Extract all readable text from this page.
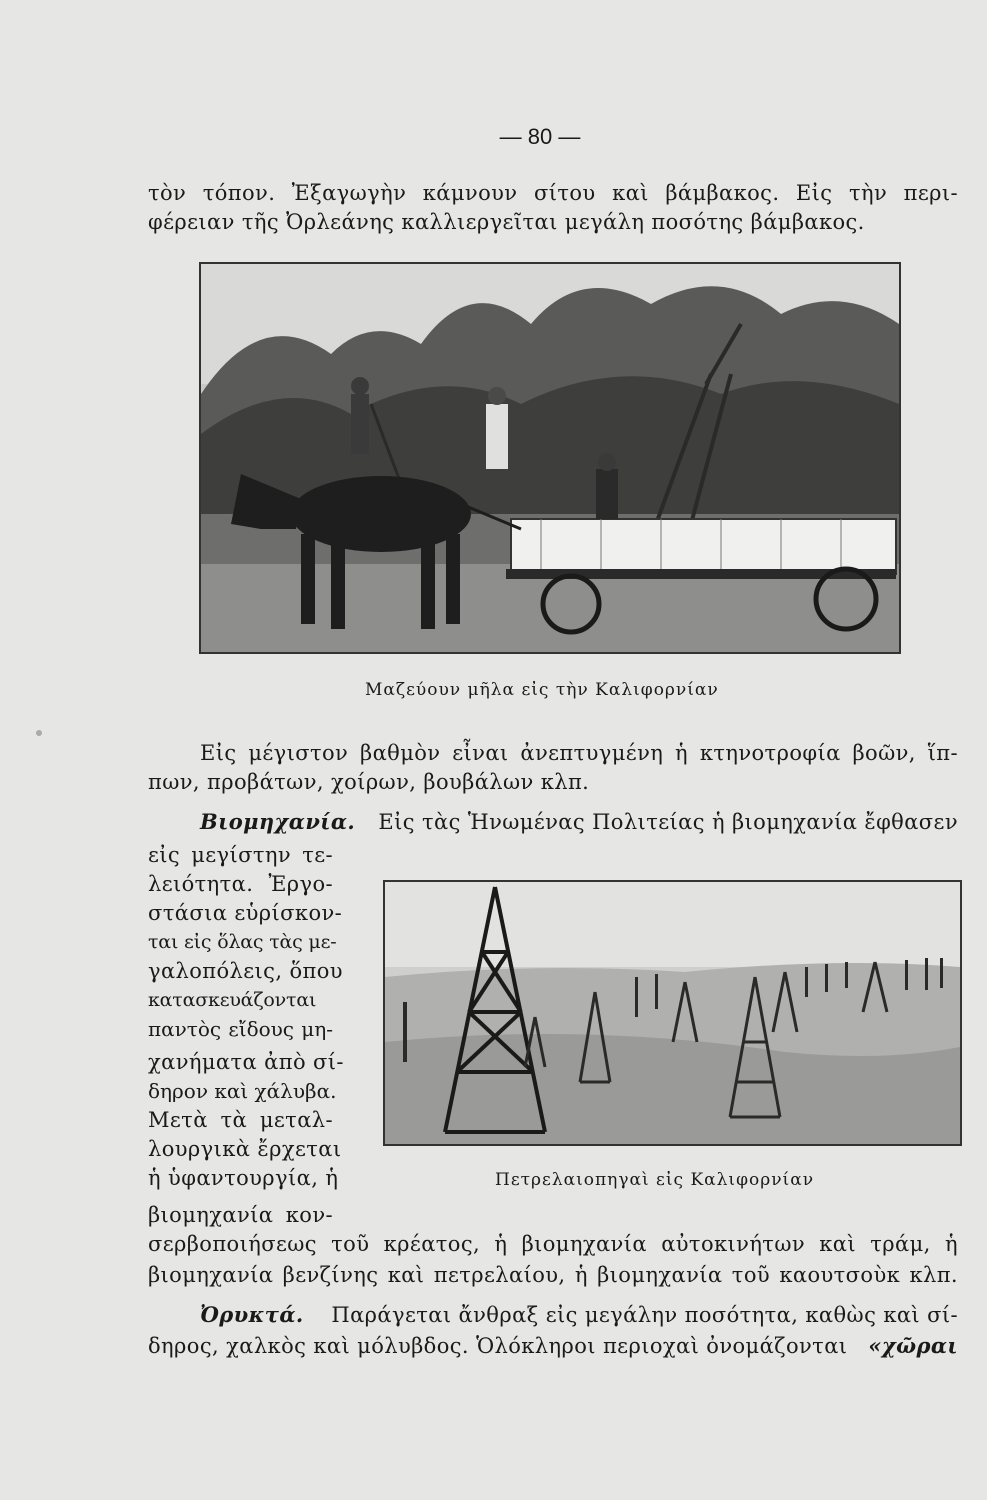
— 80 —
τὸν τόπον. Ἐξαγωγὴν κάμνουν σίτου καὶ βάμβακος. Εἰς τὴν περι-
φέρειαν τῆς Ὀρλεάνης καλλιεργεῖται μεγάλη ποσότης βάμβακος.
Μαζεύουν μῆλα εἰς τὴν Καλιφορνίαν
Εἰς μέγιστον βαθμὸν εἶναι ἀνεπτυγμένη ἡ κτηνοτροφία βοῶν, ἵπ-
πων, προβάτων, χοίρων, βουβάλων κλπ.
Βιομηχανία. Εἰς τὰς Ἡνωμένας Πολιτείας ἡ βιομηχανία ἔφθασεν
εἰς μεγίστην τε-
λειότητα. Ἐργο-
στάσια εὑρίσκον-
ται εἰς ὅλας τὰς με-
γαλοπόλεις, ὅπου
κατασκευάζονται
παντὸς εἴδους μη-
χανήματα ἀπὸ σί-
δηρον καὶ χάλυβα.
Μετὰ τὰ μεταλ-
λουργικὰ ἔρχεται
ἡ ὑφαντουργία, ἡ
βιομηχανία κον-
Πετρελαιοπηγαὶ εἰς Καλιφορνίαν
σερβοποιήσεως τοῦ κρέατος, ἡ βιομηχανία αὐτοκινήτων καὶ τράμ, ἡ
βιομηχανία βενζίνης καὶ πετρελαίου, ἡ βιομηχανία τοῦ καουτσοὺκ κλπ.
Ὀρυκτά. Παράγεται ἄνθραξ εἰς μεγάλην ποσότητα, καθὼς καὶ σί-
δηρος, χαλκὸς καὶ μόλυβδος. Ὁλόκληροι περιοχαὶ ὀνομάζονται «χῶραι
